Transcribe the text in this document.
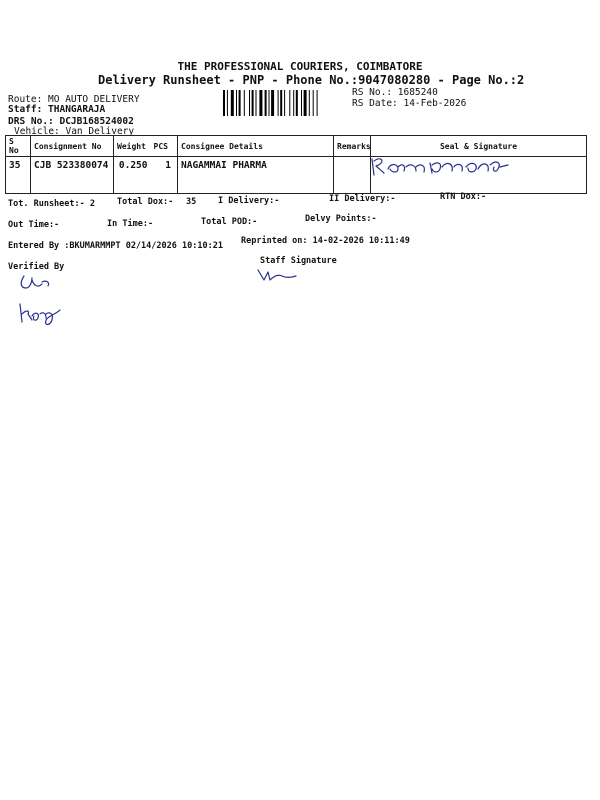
THE PROFESSIONAL COURIERS, COIMBATORE
Delivery Runsheet - PNP - Phone No.:9047080280 - Page No.:2
Route: MO AUTO DELIVERY
Staff: THANGARAJA
DRS No.: DCJB168524002
Vehicle: Van Delivery
RS No.: 1685240
RS Date: 14-Feb-2026
S No	Consignment No	Weight	PCS	Consignee Details	Remarks	Seal & Signature
35	CJB 523380074	0.250	1	NAGAMMAI PHARMA		
Tot. Runsheet:- 2	Total Dox:- 35	I Delivery:-	II Delivery:-	RTN Dox:-
Out Time:-	In Time:-	Total POD:-	Delvy Points:-
Entered By :BKUMARMMPT 02/14/2026 10:10:21 Reprinted on: 14-02-2026 10:11:49
Verified By
Staff Signature
